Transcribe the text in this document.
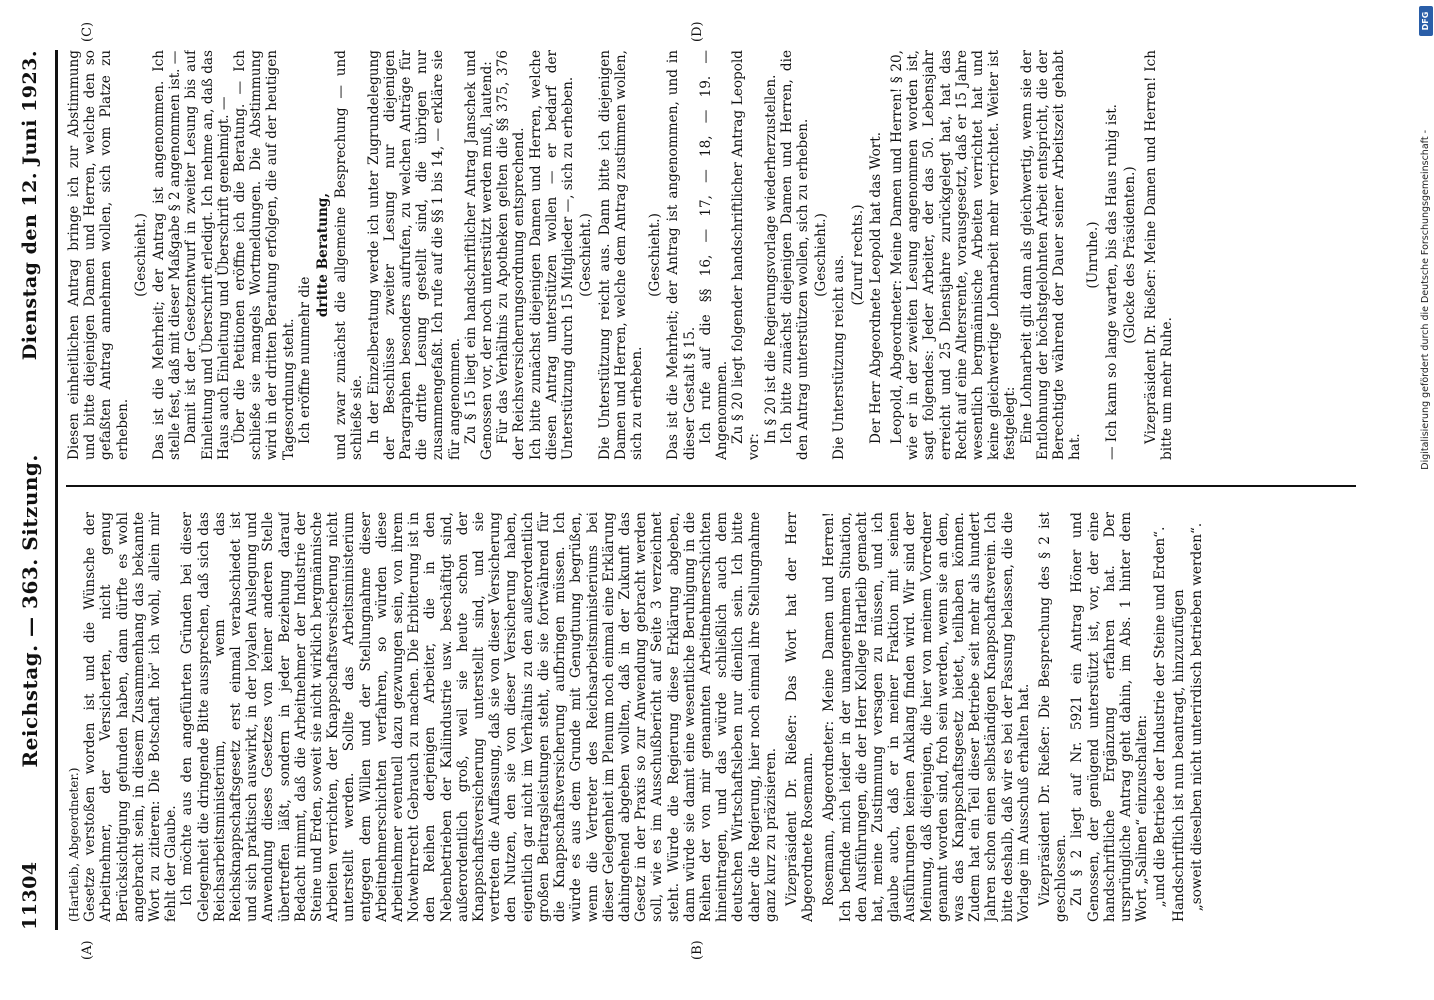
11304
Reichstag. — 363. Sitzung.
Dienstag den 12. Juni 1923.
(A)	(B)
(C)	(D)

(Hartleib, Abgeordneter.) Gesetze verstoßen worden ist und die Wünsche der Arbeitnehmer, der Versicherten, nicht genug Berücksichtigung gefunden haben, dann dürfte es wohl angebracht sein, in diesem Zusammenhang das bekannte Wort zu zitieren: Die Botschaft hör' ich wohl, allein mir fehlt der Glaube. Ich möchte aus den angeführten Gründen bei dieser Gelegenheit die dringende Bitte aussprechen, daß sich das Reichsarbeitsministerium, wenn das Reichsknappschaftsgesetz erst einmal verabschiedet ist und sich praktisch auswirkt, in der loyalen Auslegung und Anwendung dieses Gesetzes von keiner anderen Stelle übertreffen läßt, sondern in jeder Beziehung darauf Bedacht nimmt, daß die Arbeitnehmer der Industrie der Steine und Erden, soweit sie nicht wirklich bergmännische Arbeiten verrichten, der Knappschaftsversicherung nicht unterstellt werden. Sollte das Arbeitsministerium entgegen dem Willen und der Stellungnahme dieser Arbeitnehmerschichten verfahren, so würden diese Arbeitnehmer eventuell dazu gezwungen sein, von ihrem Notwehrrecht Gebrauch zu machen. Die Erbitterung ist in den Reihen derjenigen Arbeiter, die in den Nebenbetrieben der Kaliindustrie usw. beschäftigt sind, außerordentlich groß, weil sie heute schon der Knappschaftsversicherung unterstellt sind, und sie vertreten die Auffassung, daß sie von dieser Versicherung den Nutzen, den sie von dieser Versicherung haben, eigentlich gar nicht im Verhältnis zu den außerordentlich großen Beitragsleistungen steht, die sie fortwährend für die Knappschaftsversicherung aufbringen müssen. Ich würde es aus dem Grunde mit Genugtuung begrüßen, wenn die Vertreter des Reichsarbeitsministeriums bei dieser Gelegenheit im Plenum noch einmal eine Erklärung dahingehend abgeben wollten, daß in der Zukunft das Gesetz in der Praxis so zur Anwendung gebracht werden soll, wie es im Ausschußbericht auf Seite 3 verzeichnet steht. Würde die Regierung diese Erklärung abgeben, dann würde sie damit eine wesentliche Beruhigung in die Reihen der von mir genannten Arbeitnehmerschichten hineintragen, und das würde schließlich auch dem deutschen Wirtschaftsleben nur dienlich sein. Ich bitte daher die Regierung, hier noch einmal ihre Stellungnahme ganz kurz zu präzisieren. Vizepräsident Dr. Rießer: Das Wort hat der Herr Abgeordnete Rosemann. Rosemann, Abgeordneter: Meine Damen und Herren! Ich befinde mich leider in der unangenehmen Situation, den Ausführungen, die der Herr Kollege Hartleib gemacht hat, meine Zustimmung versagen zu müssen, und ich glaube auch, daß er in meiner Fraktion mit seinen Ausführungen keinen Anklang finden wird. Wir sind der Meinung, daß diejenigen, die hier von meinem Vorredner genannt worden sind, froh sein werden, wenn sie an dem, was das Knappschaftsgesetz bietet, teilhaben können. Zudem hat ein Teil dieser Betriebe seit mehr als hundert Jahren schon einen selbständigen Knappschaftsverein. Ich bitte deshalb, daß wir es bei der Fassung belassen, die die Vorlage im Ausschuß erhalten hat. Vizepräsident Dr. Rießer: Die Besprechung des § 2 ist geschlossen. Zu § 2 liegt auf Nr. 5921 ein Antrag Höner und Genossen, der genügend unterstützt ist, vor, der eine handschriftliche Ergänzung erfahren hat. Der ursprüngliche Antrag geht dahin, im Abs. 1 hinter dem Wort „Salinen“ einzuschalten: „und die Betriebe der Industrie der Steine und Erden“. Handschriftlich ist nun beantragt, hinzuzufügen „soweit dieselben nicht unterirdisch betrieben werden“.

Diesen einheitlichen Antrag bringe ich zur Abstimmung und bitte diejenigen Damen und Herren, welche den so gefaßten Antrag annehmen wollen, sich vom Platze zu erheben.

(Geschieht.) Das ist die Mehrheit; der Antrag ist angenommen. Ich stelle fest, daß mit dieser Maßgabe § 2 angenommen ist. — Damit ist der Gesetzentwurf in zweiter Lesung bis auf Einleitung und Überschrift erledigt. Ich nehme an, daß das Haus auch Einleitung und Überschrift genehmigt. — Über die Petitionen eröffne ich die Beratung. — Ich schließe sie mangels Wortmeldungen. Die Abstimmung wird in der dritten Beratung erfolgen, die auf der heutigen Tagesordnung steht. Ich eröffne nunmehr die

dritte Beratung, und zwar zunächst die allgemeine Besprechung — und schließe sie. In der Einzelberatung werde ich unter Zugrundelegung der Beschlüsse zweiter Lesung nur diejenigen Paragraphen besonders aufrufen, zu welchen Anträge für die dritte Lesung gestellt sind, die übrigen nur zusammengefaßt. Ich rufe auf die §§ 1 bis 14, — erkläre sie für angenommen. Zu § 15 liegt ein handschriftlicher Antrag Janschek und Genossen vor, der noch unterstützt werden muß, lautend: Für das Verhältnis zu Apotheken gelten die §§ 375, 376 der Reichsversicherungsordnung entsprechend. Ich bitte zunächst diejenigen Damen und Herren, welche diesen Antrag unterstützen wollen — er bedarf der Unterstützung durch 15 Mitglieder —, sich zu erheben. (Geschieht.) Die Unterstützung reicht aus. Dann bitte ich diejenigen Damen und Herren, welche dem Antrag zustimmen wollen, sich zu erheben.

(Geschieht.) Das ist die Mehrheit; der Antrag ist angenommen, und in dieser Gestalt § 15. Ich rufe auf die §§ 16, — 17, — 18, — 19. — Angenommen. Zu § 20 liegt folgender handschriftlicher Antrag Leopold vor:

In § 20 ist die Regierungsvorlage wiederherzustellen. Ich bitte zunächst diejenigen Damen und Herren, die den Antrag unterstützen wollen, sich zu erheben. (Geschieht.) Die Unterstützung reicht aus. (Zuruf rechts.) Der Herr Abgeordnete Leopold hat das Wort. Leopold, Abgeordneter: Meine Damen und Herren! § 20, wie er in der zweiten Lesung angenommen worden ist, sagt folgendes: Jeder Arbeiter, der das 50. Lebensjahr erreicht und 25 Dienstjahre zurückgelegt hat, hat das Recht auf eine Altersrente, vorausgesetzt, daß er 15 Jahre wesentlich bergmännische Arbeiten verrichtet hat und keine gleichwertige Lohnarbeit mehr verrichtet. Weiter ist festgelegt: Eine Lohnarbeit gilt dann als gleichwertig, wenn sie der Entlohnung der höchstgelohnten Arbeit entspricht, die der Berechtigte während der Dauer seiner Arbeitszeit gehabt hat.

(Unruhe.) — Ich kann so lange warten, bis das Haus ruhig ist. (Glocke des Präsidenten.) Vizepräsident Dr. Rießer: Meine Damen und Herren! Ich bitte um mehr Ruhe.

DFG
Digitalisierung gefördert durch die Deutsche Forschungsgemeinschaft -
